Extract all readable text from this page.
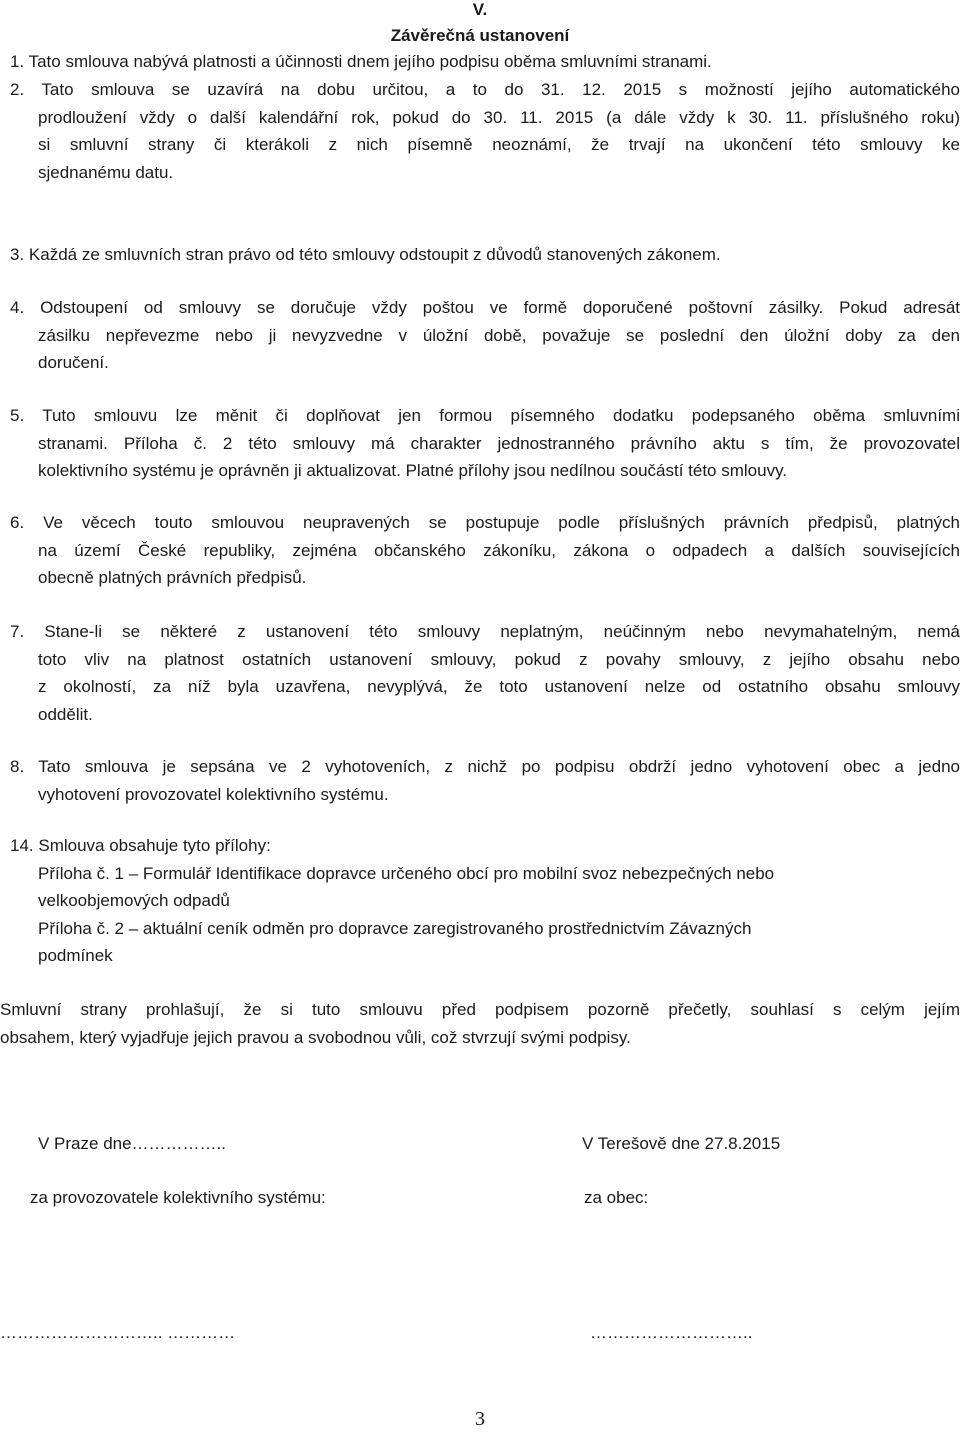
V.
Závěrečná ustanovení
1. Tato smlouva nabývá platnosti a účinnosti dnem jejího podpisu oběma smluvními stranami.
2. Tato smlouva se uzavírá na dobu určitou, a to do 31. 12. 2015 s možností jejího automatického
prodloužení vždy o další kalendářní rok, pokud do 30. 11. 2015 (a dále vždy k 30. 11. příslušného roku)
si smluvní strany či kterákoli z nich písemně neoznámí, že trvají na ukončení této smlouvy ke
sjednanému datu.
3. Každá ze smluvních stran právo od této smlouvy odstoupit z důvodů stanovených zákonem.
4. Odstoupení od smlouvy se doručuje vždy poštou ve formě doporučené poštovní zásilky. Pokud adresát
zásilku nepřevezme nebo ji nevyzvedne v úložní době, považuje se poslední den úložní doby za den
doručení.
5. Tuto smlouvu lze měnit či doplňovat jen formou písemného dodatku podepsaného oběma smluvními
stranami. Příloha č. 2 této smlouvy má charakter jednostranného právního aktu s tím, že provozovatel
kolektivního systému je oprávněn ji aktualizovat. Platné přílohy jsou nedílnou součástí této smlouvy.
6. Ve věcech touto smlouvou neupravených se postupuje podle příslušných právních předpisů, platných
na území České republiky, zejména občanského zákoníku, zákona o odpadech a dalších souvisejících
obecně platných právních předpisů.
7. Stane-li se některé z ustanovení této smlouvy neplatným, neúčinným nebo nevymahatelným, nemá
toto vliv na platnost ostatních ustanovení smlouvy, pokud z povahy smlouvy, z jejího obsahu nebo
z okolností, za níž byla uzavřena, nevyplývá, že toto ustanovení nelze od ostatního obsahu smlouvy
oddělit.
8. Tato smlouva je sepsána ve 2 vyhotoveních, z nichž po podpisu obdrží jedno vyhotovení obec a jedno
vyhotovení provozovatel kolektivního systému.
14. Smlouva obsahuje tyto přílohy:
Příloha č. 1 – Formulář Identifikace dopravce určeného obcí pro mobilní svoz nebezpečných nebo
velkoobjemových odpadů
Příloha č. 2 – aktuální ceník odměn pro dopravce zaregistrovaného prostřednictvím Závazných
podmínek
Smluvní strany prohlašují, že si tuto smlouvu před podpisem pozorně přečetly, souhlasí s celým jejím
obsahem, který vyjadřuje jejich pravou a svobodnou vůli, což stvrzují svými podpisy.
V Praze dne……………..	V Terešově dne 27.8.2015
za provozovatele kolektivního systému:	za obec:
……………………….. …………	………………………..
3
